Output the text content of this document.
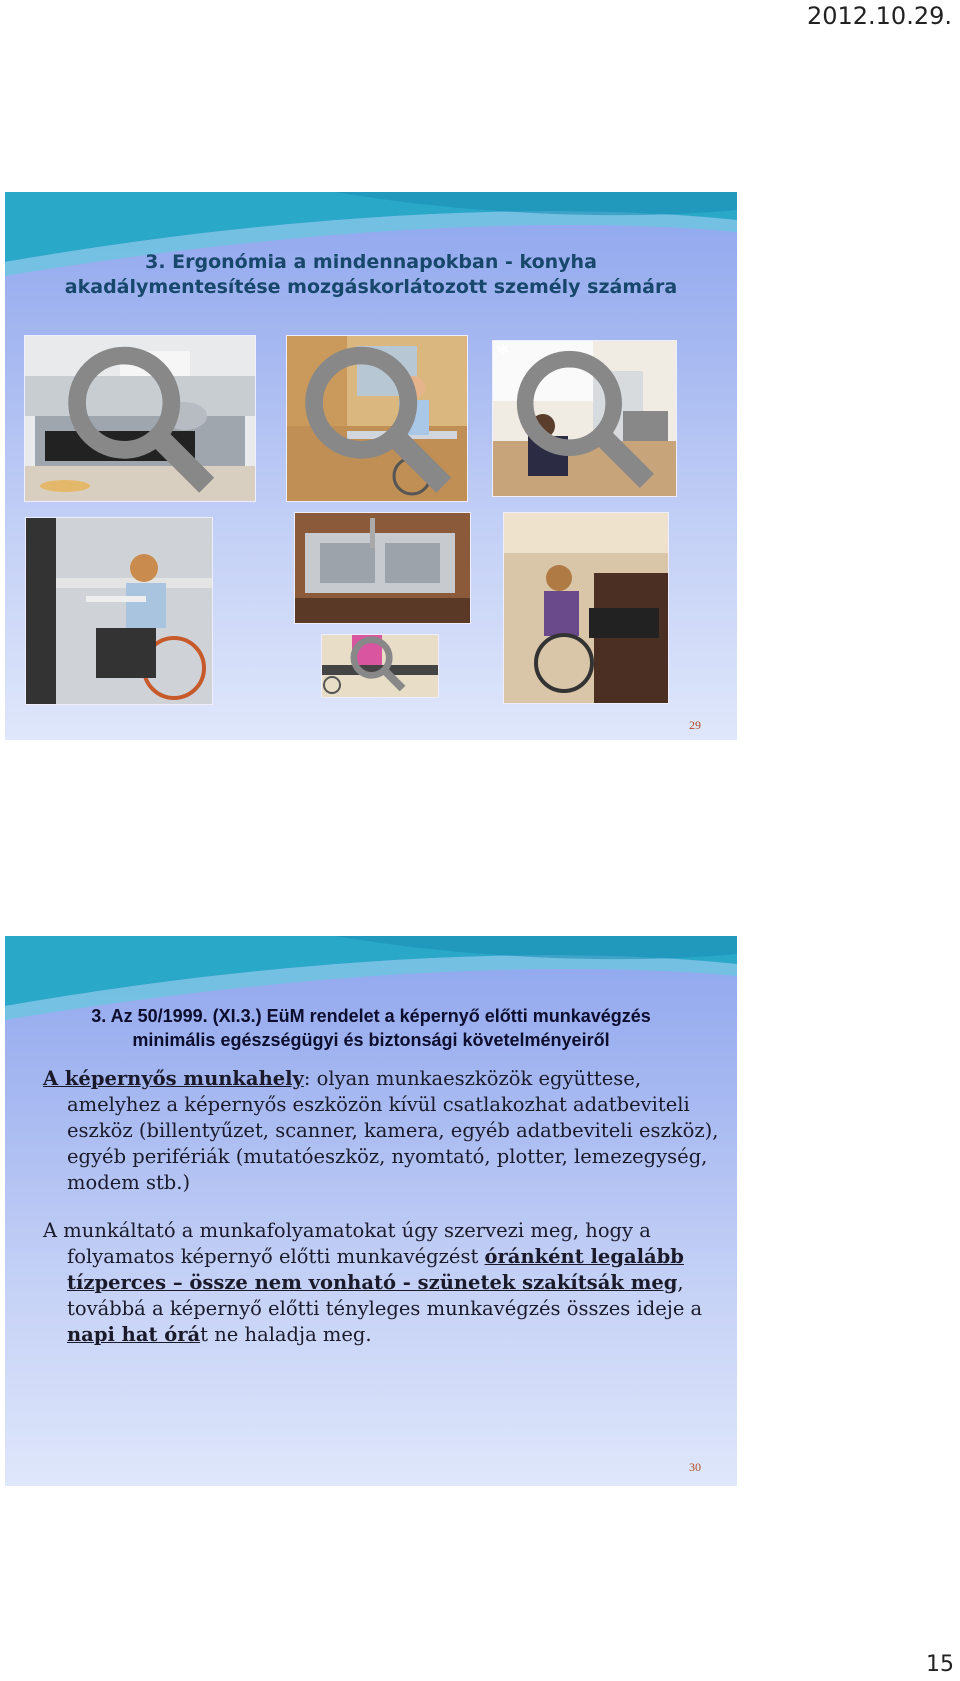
2012.10.29.
3. Ergonómia a mindennapokban - konyha
akadálymentesítése mozgáskorlátozott személy számára
*
29
3. Az 50/1999. (XI.3.) EüM rendelet a képernyő előtti munkavégzés
minimális egészségügyi és biztonsági követelményeiről

A képernyős munkahely: olyan munkaeszközök együttese, amelyhez a képernyős eszközön kívül csatlakozhat adatbeviteli eszköz (billentyűzet, scanner, kamera, egyéb adatbeviteli eszköz), egyéb perifériák (mutatóeszköz, nyomtató, plotter, lemezegység, modem stb.)

A munkáltató a munkafolyamatokat úgy szervezi meg, hogy a folyamatos képernyő előtti munkavégzést óránként legalább tízperces – össze nem vonható - szünetek szakítsák meg, továbbá a képernyő előtti tényleges munkavégzés összes ideje a napi hat órát ne haladja meg.

30
15
